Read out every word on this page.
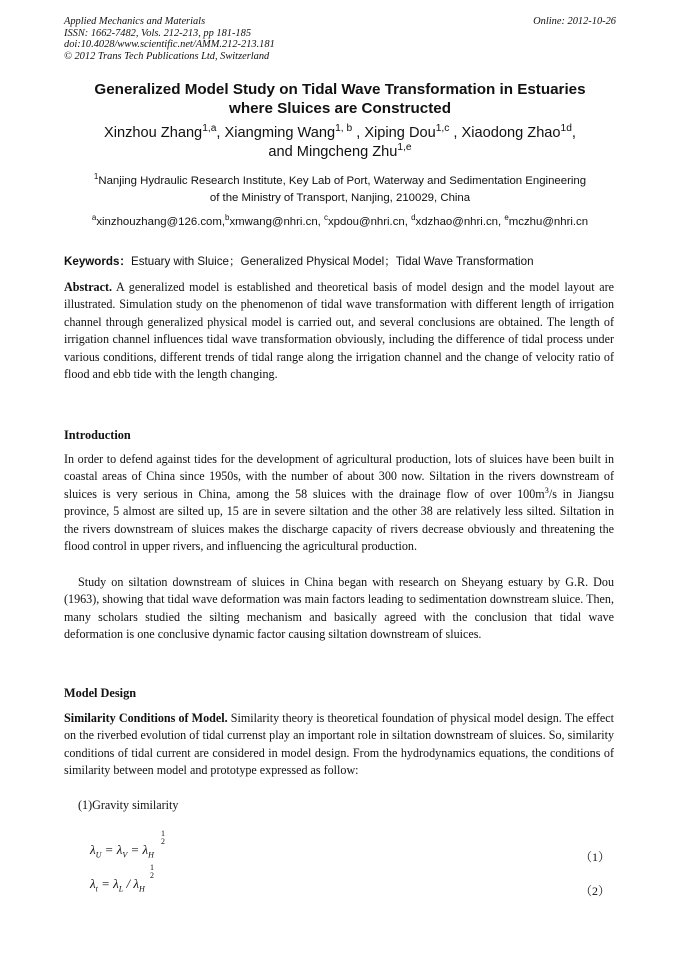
Applied Mechanics and Materials
ISSN: 1662-7482, Vols. 212-213, pp 181-185
doi:10.4028/www.scientific.net/AMM.212-213.181
© 2012 Trans Tech Publications Ltd, Switzerland
Online: 2012-10-26
Generalized Model Study on Tidal Wave Transformation in Estuaries
where Sluices are Constructed
Xinzhou Zhang$^{1,a}$, Xiangming Wang$^{1, b}$ , Xiping Dou$^{1,c}$ , Xiaodong Zhao$^{1d}$,
and Mingcheng Zhu$^{1,e}$
$^1$Nanjing Hydraulic Research Institute, Key Lab of Port, Waterway and Sedimentation Engineering
of the Ministry of Transport, Nanjing, 210029, China
$^a$xinzhouzhang@126.com,$^b$xmwang@nhri.cn, $^c$xpdou@nhri.cn, $^d$xdzhao@nhri.cn, $^e$mczhu@nhri.cn
Keywords：Estuary with Sluice；Generalized Physical Model；Tidal Wave Transformation
Abstract. A generalized model is established and theoretical basis of model design and the model layout are illustrated. Simulation study on the phenomenon of tidal wave transformation with different length of irrigation channel through generalized physical model is carried out, and several conclusions are obtained. The length of irrigation channel influences tidal wave transformation obviously, including the difference of tidal process under various conditions, different trends of tidal range along the irrigation channel and the change of velocity ratio of flood and ebb tide with the length changing.
Introduction
In order to defend against tides for the development of agricultural production, lots of sluices have been built in coastal areas of China since 1950s, with the number of about 300 now. Siltation in the rivers downstream of sluices is very serious in China, among the 58 sluices with the drainage flow of over $100m^3/s$ in Jiangsu province, 5 almost are silted up, 15 are in severe siltation and the other 38 are relatively less silted. Siltation in the rivers downstream of sluices makes the discharge capacity of rivers decrease obviously and threatening the flood control in upper rivers, and influencing the agricultural production.
Study on siltation downstream of sluices in China began with research on Sheyang estuary by G.R. Dou (1963), showing that tidal wave deformation was main factors leading to sedimentation downstream sluice. Then, many scholars studied the silting mechanism and basically agreed with the conclusion that tidal wave deformation is one conclusive dynamic factor causing siltation downstream of sluices.
Model Design
Similarity Conditions of Model. Similarity theory is theoretical foundation of physical model design. The effect on the riverbed evolution of tidal currenst play an important role in siltation downstream of sluices. So, similarity conditions of tidal current are considered in model design. From the hydrodynamics equations, the conditions of similarity between model and prototype expressed as follow:
(1)Gravity similarity
$\lambda_U = \lambda_V = \lambda_H$
1
2
（1）
$\lambda_t = \lambda_L / \lambda_H$
1
2
（2）
